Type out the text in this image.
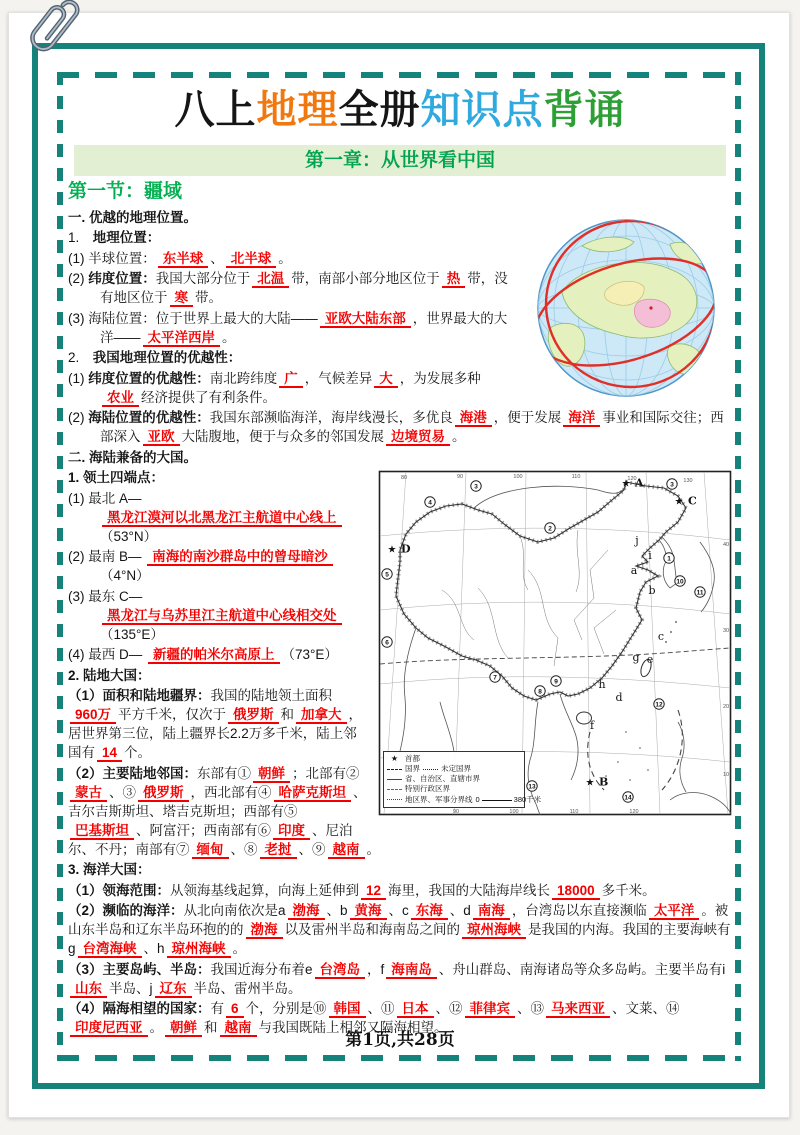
八上地理全册知识点背诵
第一章：从世界看中国
第一节：疆域
一. 优越的地理位置。
1.　地理位置：
(1) 半球位置： 东半球 、 北半球 。
(2) 纬度位置：我国大部分位于 北温 带，南部小部分地区位于 热 带，没有地区位于 寒 带。
(3) 海陆位置：位于世界上最大的大陆—— 亚欧大陆东部 ，世界最大的大洋—— 太平洋西岸 。
2.　我国地理位置的优越性：
(1) 纬度位置的优越性：南北跨纬度 广 ，气候差异 大 ，为发展多种农业 经济提供了有利条件。
(2) 海陆位置的优越性：我国东部濒临海洋，海岸线漫长，多优良 海港 ，便于发展 海洋 事业和国际交往；西部深入 亚欧 大陆腹地，便于与众多的邻国发展 边境贸易 。
二. 海陆兼备的大国。
80	90	100	110	120	130
90	100	110	120
40
30
20
10
★ A
3	3
4	★ C
2
★ D
5
j
i 1
a
10
b	11
6	c
g e
7
9
8
h
d
12
f
13	★ B
14
★ 首都
国界	未定国界
省、自治区、直辖市界
特别行政区界
地区界、军事分界线 0	380千米
1. 领土四端点：
(1) 最北 A— 黑龙江漠河以北黑龙江主航道中心线上（53°N）
(2) 最南 B— 南海的南沙群岛中的曾母暗沙（4°N）
(3) 最东 C— 黑龙江与乌苏里江主航道中心线相交处（135°E）
(4) 最西 D— 新疆的帕米尔高原上 （73°E）
2. 陆地大国：
（1）面积和陆地疆界：我国的陆地领土面积960万 平方千米，仅次于 俄罗斯 和 加拿大 ，居世界第三位，陆上疆界长2.2万多千米，陆上邻国有 14 个。
（2）主要陆地邻国：东部有① 朝鲜 ；北部有②蒙古 、③ 俄罗斯 ，西北部有④ 哈萨克斯坦 、吉尔吉斯斯坦、塔吉克斯坦；西部有⑤巴基斯坦 、阿富汗；西南部有⑥ 印度 、尼泊尔、不丹；南部有⑦ 缅甸 、⑧ 老挝 、⑨ 越南 。
3. 海洋大国：
（1）领海范围：从领海基线起算，向海上延伸到 12 海里，我国的大陆海岸线长 18000 多千米。
（2）濒临的海洋：从北向南依次是a 渤海 、b 黄海 、c 东海 、d 南海 ，台湾岛以东直接濒临 太平洋 。被山东半岛和辽东半岛环抱的的 渤海 以及雷州半岛和海南岛之间的 琼州海峡 是我国的内海。我国的主要海峡有g 台湾海峡 、h 琼州海峡 。
（3）主要岛屿、半岛：我国近海分布着e 台湾岛 ，f 海南岛 、舟山群岛、南海诸岛等众多岛屿。主要半岛有i山东 半岛、j 辽东 半岛、雷州半岛。
（4）隔海相望的国家：有 6 个，分别是⑩ 韩国 、⑪ 日本 、⑫ 菲律宾 、⑬ 马来西亚 、文莱、⑭印度尼西亚 。 朝鲜 和 越南 与我国既陆上相邻又隔海相望。
第1页,共28页
